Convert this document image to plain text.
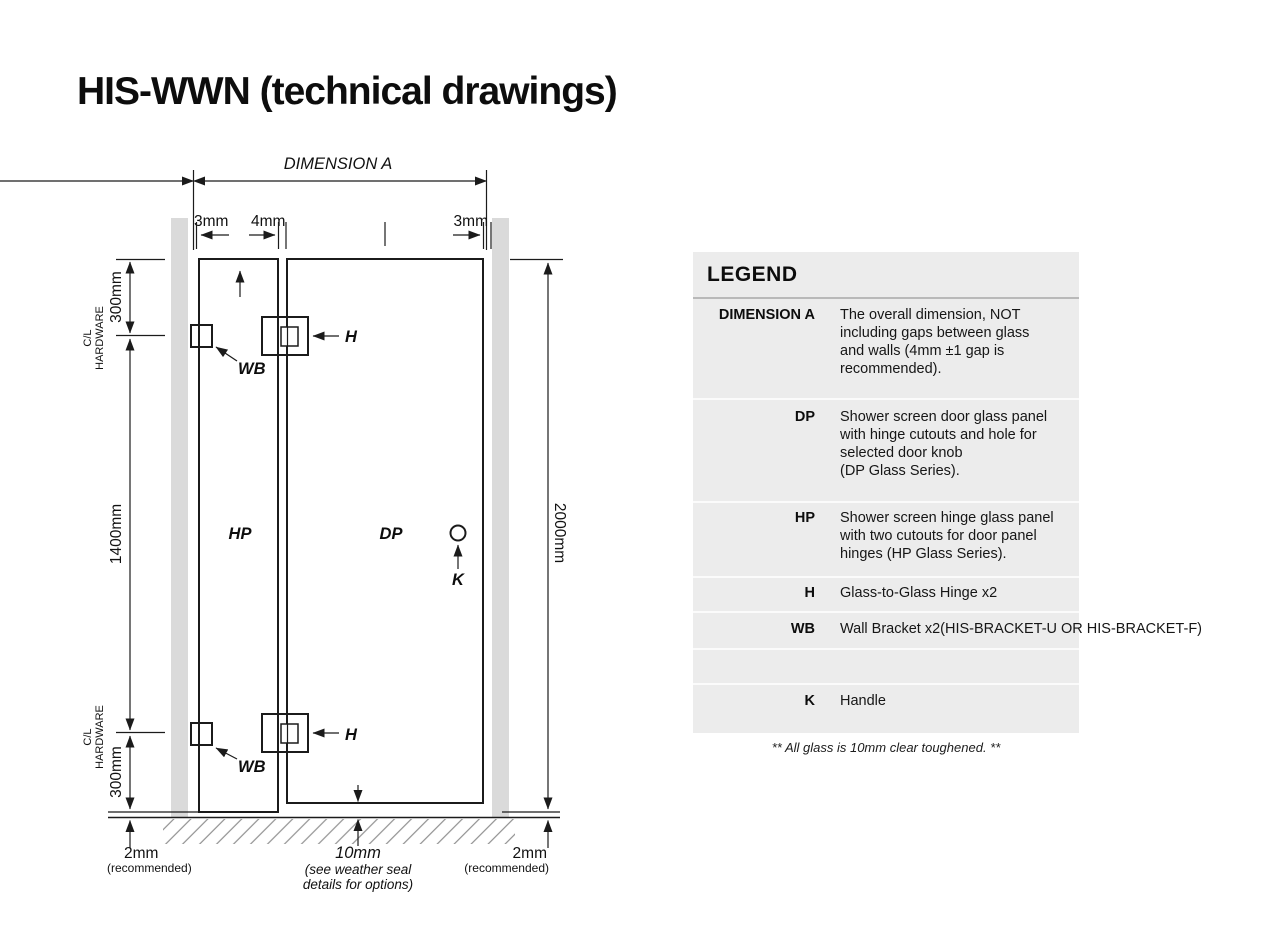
HIS-WWN (technical drawings)
DIMENSION A
3mm 4mm	3mm
300mm
C/L HARDWARE
1400mm
C/L HARDWARE
300mm
2mm
(recommended)
2000mm
2mm
(recommended)
10mm
(see weather seal
details for options)
K
WB
WB
H
H
HP	DP
LEGEND
DIMENSION A The overall dimension, NOT
including gaps between glass
and walls (4mm ±1 gap is
recommended).
DP Shower screen door glass panel
with hinge cutouts and hole for
selected door knob
(DP Glass Series).
HP Shower screen hinge glass panel
with two cutouts for door panel
hinges (HP Glass Series).
H Glass-to-Glass Hinge x2
WB Wall Bracket x2(HIS-BRACKET-U OR HIS-BRACKET-F)
K Handle
** All glass is 10mm clear toughened. **
